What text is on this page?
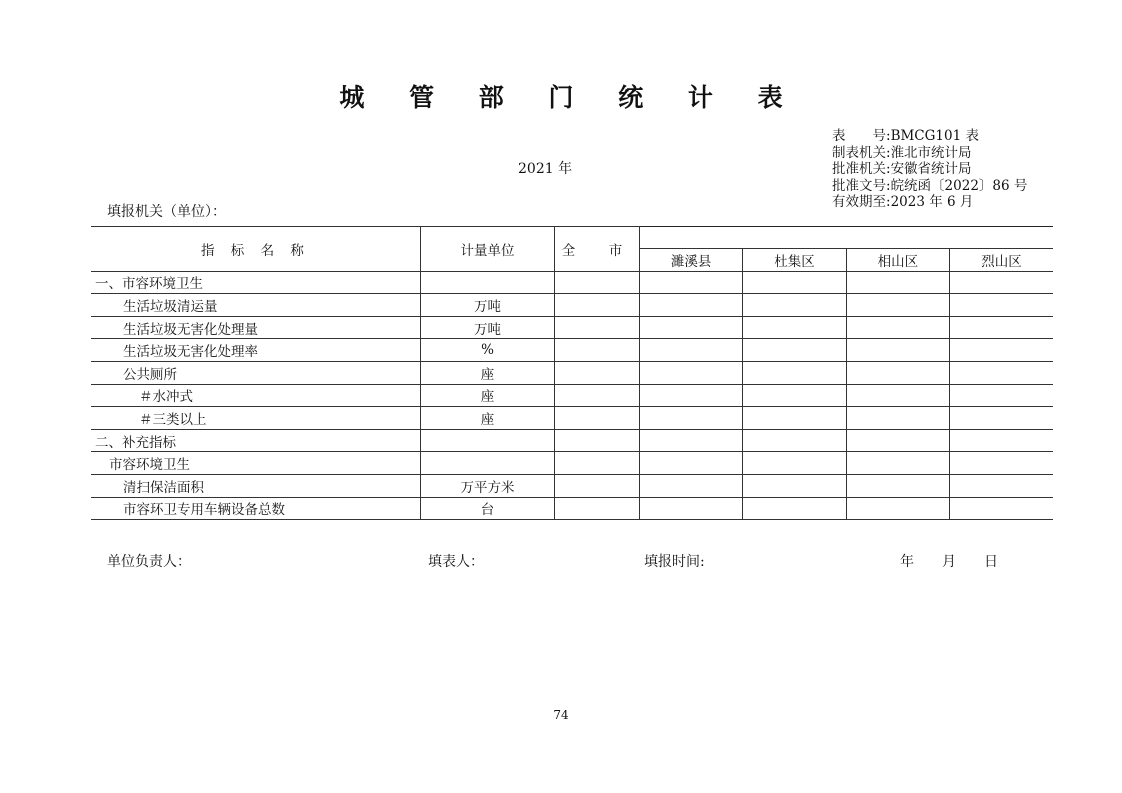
城 管 部 门 统 计 表
2021 年
表　　号:BMCG101 表
制表机关:淮北市统计局
批准机关:安徽省统计局
批准文号:皖统函〔2022〕86 号
有效期至:2023 年 6 月
填报机关（单位）：
指 标 名 称	计量单位	全　市				
			濉溪县	杜集区	相山区	烈山区
一、市容环境卫生						
生活垃圾清运量	万吨					
生活垃圾无害化处理量	万吨					
生活垃圾无害化处理率	%					
公共厕所	座					
＃水冲式	座					
＃三类以上	座					
二、补充指标						
市容环境卫生						
清扫保洁面积	万平方米					
市容环卫专用车辆设备总数	台					
单位负责人：	填表人：	填报时间:	年 月 日
74
